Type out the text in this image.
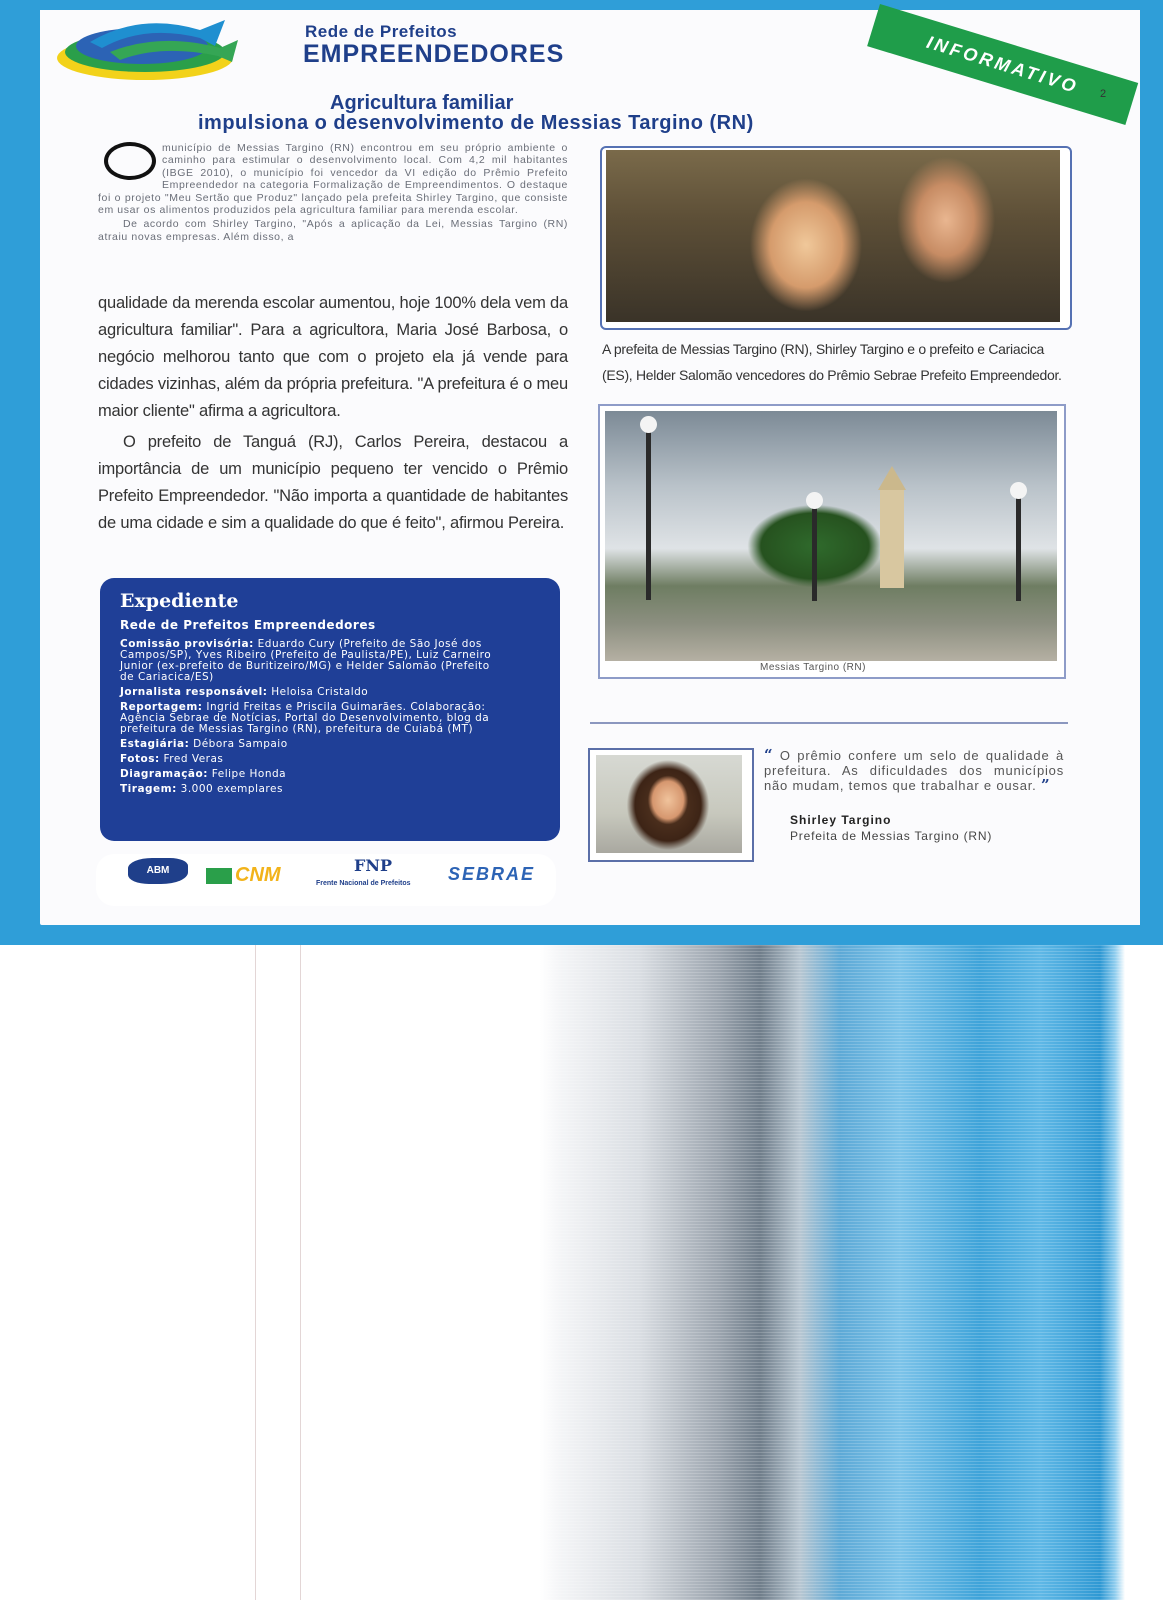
Rede de Prefeitos
EMPREENDEDORES	INFORMATIVO	2
Agricultura familiar
impulsiona o desenvolvimento de Messias Targino (RN)
município de Messias Targino (RN) encontrou em seu próprio ambiente o caminho para estimular o desenvolvimento local. Com 4,2 mil habitantes (IBGE 2010), o município foi vencedor da VI edição do Prêmio Prefeito Empreendedor na categoria Formalização de Empreendimentos. O destaque foi o projeto "Meu Sertão que Produz" lançado pela prefeita Shirley Targino, que consiste em usar os alimentos produzidos pela agricultura familiar para merenda escolar.
De acordo com Shirley Targino, "Após a aplicação da Lei, Messias Targino (RN) atraiu novas empresas. Além disso, a

qualidade da merenda escolar aumentou, hoje 100% dela vem da agricultura familiar". Para a agricultora, Maria José Barbosa, o negócio melhorou tanto que com o projeto ela já vende para cidades vizinhas, além da própria prefeitura. "A prefeitura é o meu maior cliente" afirma a agricultora.

O prefeito de Tanguá (RJ), Carlos Pereira, destacou a importância de um município pequeno ter vencido o Prêmio Prefeito Empreendedor. "Não importa a quantidade de habitantes de uma cidade e sim a qualidade do que é feito", afirmou Pereira.

Expediente
Rede de Prefeitos Empreendedores
Comissão provisória: Eduardo Cury (Prefeito de São José dos Campos/SP), Yves Ribeiro (Prefeito de Paulista/PE), Luiz Carneiro Junior (ex-prefeito de Buritizeiro/MG) e Helder Salomão (Prefeito de Cariacica/ES)
Jornalista responsável: Heloisa Cristaldo
Reportagem: Ingrid Freitas e Priscila Guimarães. Colaboração: Agência Sebrae de Notícias, Portal do Desenvolvimento, blog da prefeitura de Messias Targino (RN), prefeitura de Cuiabá (MT)
Estagiária: Débora Sampaio
Fotos: Fred Veras
Diagramação: Felipe Honda
Tiragem: 3.000 exemplares
ABM	CNM	FNP
Frente Nacional de Prefeitos SEBRAE
A prefeita de Messias Targino (RN), Shirley Targino e o prefeito e Cariacica (ES), Helder Salomão vencedores do Prêmio Sebrae Prefeito Empreendedor.
Messias Targino (RN)
“ O prêmio confere um selo de qualidade à prefeitura. As dificuldades dos municípios não mudam, temos que trabalhar e ousar. ”
Shirley Targino
Prefeita de Messias Targino (RN)
